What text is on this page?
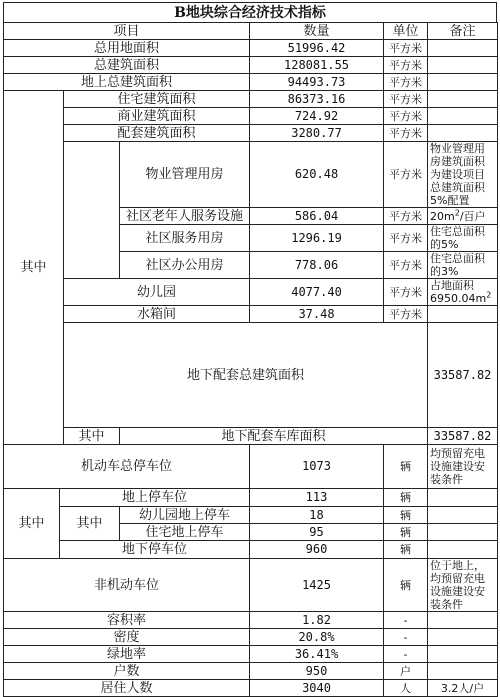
B地块综合经济技术指标
项目				数量	单位	备注	
总用地面积				51996.42	平方米		
总建筑面积				128081.55	平方米		
地上总建筑面积				94493.73	平方米		
其中		住宅建筑面积		86373.16	平方米		
		商业建筑面积		724.92	平方米		
		配套建筑面积		3280.77	平方米		
			物业管理用房	620.48	平方米	物业管理用房建筑面积为建设项目总建筑面积5%配置	
			社区老年人服务设施	586.04	平方米	$20m^2/$百户	
			社区服务用房	1296.19	平方米	住宅总面积的5%	
			社区办公用房	778.06	平方米	住宅总面积的3%	
		幼儿园		4077.40	平方米	占地面积$6950.04m^2$
		水箱间		37.48	平方米		
		地下配套总建筑面积				33587.82		
		其中	地下配套车库面积			33587.82		
机动车总停车位				1073	辆	均预留充电设施建设安装条件	
其中	地上停车位			113	辆		
	其中		幼儿园地上停车	18	辆		
			住宅地上停车	95	辆		
	地下停车位			960	辆		
非机动车位				1425	辆	位于地上，均预留充电设施建设安装条件	
容积率				1.82	-		
密度				20.8%	-		
绿地率				36.41%	-		
户数				950	户		
居住人数				3040	人	3.2人/户	
